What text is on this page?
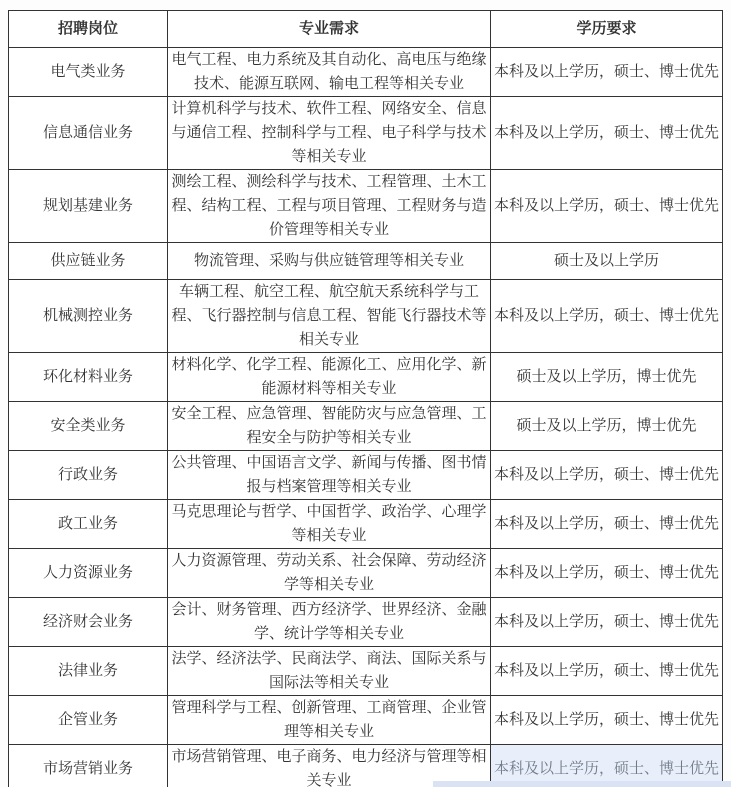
招聘岗位	专业需求	学历要求
电气类业务	电气工程、电力系统及其自动化、高电压与绝缘技术、能源互联网、输电工程等相关专业	本科及以上学历，硕士、博士优先
信息通信业务	计算机科学与技术、软件工程、网络安全、信息与通信工程、控制科学与工程、电子科学与技术等相关专业	本科及以上学历，硕士、博士优先
规划基建业务	测绘工程、测绘科学与技术、工程管理、土木工程、结构工程、工程与项目管理、工程财务与造价管理等相关专业	本科及以上学历，硕士、博士优先
供应链业务	物流管理、采购与供应链管理等相关专业	硕士及以上学历
机械测控业务	车辆工程、航空工程、航空航天系统科学与工程、飞行器控制与信息工程、智能飞行器技术等相关专业	本科及以上学历，硕士、博士优先
环化材料业务	材料化学、化学工程、能源化工、应用化学、新能源材料等相关专业	硕士及以上学历，博士优先
安全类业务	安全工程、应急管理、智能防灾与应急管理、工程安全与防护等相关专业	硕士及以上学历，博士优先
行政业务	公共管理、中国语言文学、新闻与传播、图书情报与档案管理等相关专业	本科及以上学历，硕士、博士优先
政工业务	马克思理论与哲学、中国哲学、政治学、心理学等相关专业	本科及以上学历，硕士、博士优先
人力资源业务	人力资源管理、劳动关系、社会保障、劳动经济学等相关专业	本科及以上学历，硕士、博士优先
经济财会业务	会计、财务管理、西方经济学、世界经济、金融学、统计学等相关专业	本科及以上学历，硕士、博士优先
法律业务	法学、经济法学、民商法学、商法、国际关系与国际法等相关专业	本科及以上学历，硕士、博士优先
企管业务	管理科学与工程、创新管理、工商管理、企业管理等相关专业	本科及以上学历，硕士、博士优先
市场营销业务	市场营销管理、电子商务、电力经济与管理等相关专业	本科及以上学历，硕士、博士优先
